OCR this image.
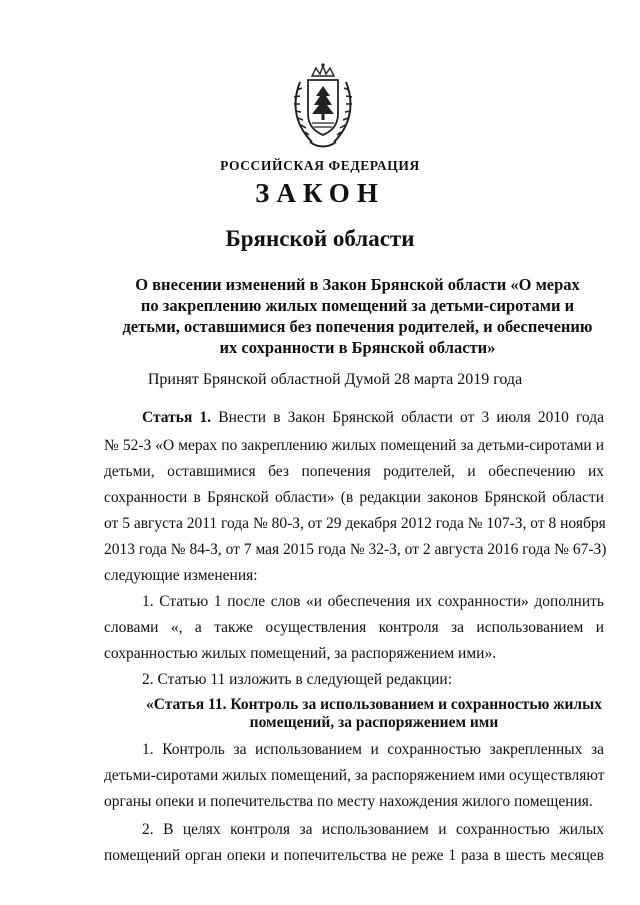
РОССИЙСКАЯ ФЕДЕРАЦИЯ
ЗАКОН
Брянской области
О внесении изменений в Закон Брянской области «О мерах
по закреплению жилых помещений за детьми-сиротами и
детьми, оставшимися без попечения родителей, и обеспечению
их сохранности в Брянской области»
Принят Брянской областной Думой 28 марта 2019 года
Статья 1. Внести в Закон Брянской области от 3 июля 2010 года
№ 52-З «О мерах по закреплению жилых помещений за детьми-сиротами и
детьми, оставшимися без попечения родителей, и обеспечению их
сохранности в Брянской области» (в редакции законов Брянской области
от 5 августа 2011 года № 80-З, от 29 декабря 2012 года № 107-З, от 8 ноября
2013 года № 84-З, от 7 мая 2015 года № 32-З, от 2 августа 2016 года № 67-З)
следующие изменения:
1. Статью 1 после слов «и обеспечения их сохранности» дополнить
словами «, а также осуществления контроля за использованием и
сохранностью жилых помещений, за распоряжением ими».
2. Статью 11 изложить в следующей редакции:
«Статья 11. Контроль за использованием и сохранностью жилых
помещений, за распоряжением ими
1. Контроль за использованием и сохранностью закрепленных за
детьми-сиротами жилых помещений, за распоряжением ими осуществляют
органы опеки и попечительства по месту нахождения жилого помещения.
2. В целях контроля за использованием и сохранностью жилых
помещений орган опеки и попечительства не реже 1 раза в шесть месяцев
